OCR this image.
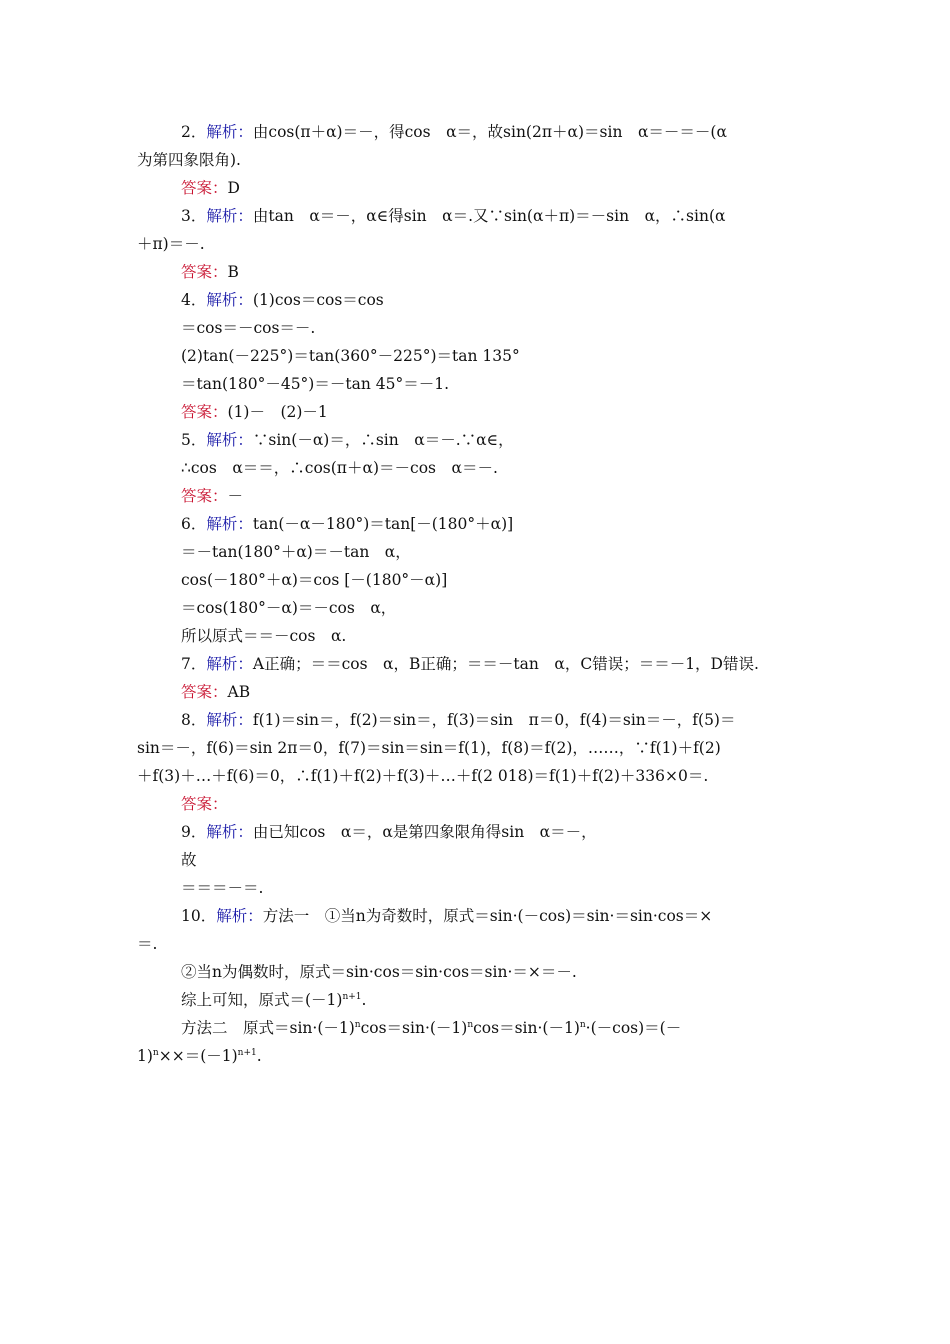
2．解析：由cos(π＋α)＝－，得cos　α＝，故sin(2π＋α)＝sin　α＝－＝－(α
为第四象限角).
答案：D
3．解析：由tan　α＝－，α∈得sin　α＝.又∵sin(α＋π)＝－sin　α，∴sin(α
＋π)＝－.
答案：B
4．解析：(1)cos＝cos＝cos
＝cos＝－cos＝－.
(2)tan(－225°)＝tan(360°－225°)＝tan 135°
＝tan(180°－45°)＝－tan 45°＝－1.
答案：(1)－　(2)－1
5．解析：∵sin(－α)＝，∴sin　α＝－.∵α∈，
∴cos　α＝＝，∴cos(π＋α)＝－cos　α＝－.
答案：－
6．解析：tan(－α－180°)＝tan[－(180°＋α)]
＝－tan(180°＋α)＝－tan　α，
cos(－180°＋α)＝cos [－(180°－α)]
＝cos(180°－α)＝－cos　α，
所以原式＝＝－cos　α.
7．解析：A正确；＝＝cos　α，B正确；＝＝－tan　α，C错误；＝＝－1，D错误.
答案：AB
8．解析：f(1)＝sin＝，f(2)＝sin＝，f(3)＝sin　π＝0，f(4)＝sin＝－，f(5)＝
sin＝－，f(6)＝sin 2π＝0，f(7)＝sin＝sin＝f(1)，f(8)＝f(2)，……，∵f(1)＋f(2)
＋f(3)＋…＋f(6)＝0，∴f(1)＋f(2)＋f(3)＋…＋f(2 018)＝f(1)＋f(2)＋336×0＝.
答案：
9．解析：由已知cos　α＝，α是第四象限角得sin　α＝－，
故
＝＝＝－＝.
10．解析：方法一　①当n为奇数时，原式＝sin·(－cos)＝sin·＝sin·cos＝×
＝.
②当n为偶数时，原式＝sin·cos＝sin·cos＝sin·＝×＝－.
综上可知，原式$=(-1)^{n+1}$.
方法二　原式$=\sin\cdot(-1)^n\cos=\sin\cdot(-1)^n\cos=\sin\cdot(-1)^n\cdot(-\cos)=(-$
$1)^n\times\times=(-1)^{n+1}$.
